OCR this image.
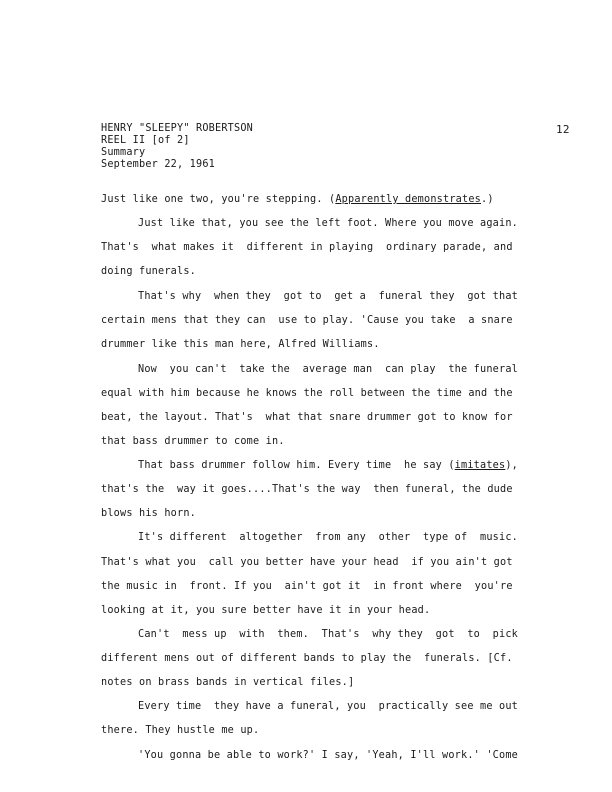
HENRY "SLEEPY" ROBERTSON
REEL II [of 2]
Summary
September 22, 1961
12
Just like one two, you're stepping. (Apparently demonstrates.)
Just like that, you see the left foot. Where you move again.
That's  what makes it  different in playing  ordinary parade, and
doing funerals.
That's why  when they  got to  get a  funeral they  got that
certain mens that they can  use to play. 'Cause you take  a snare
drummer like this man here, Alfred Williams.
Now  you can't  take the  average man  can play  the funeral
equal with him because he knows the roll between the time and the
beat, the layout. That's  what that snare drummer got to know for
that bass drummer to come in.
That bass drummer follow him. Every time  he say (imitates),
that's the  way it goes....That's the way  then funeral, the dude
blows his horn.
It's different  altogether  from any  other  type of  music.
That's what you  call you better have your head  if you ain't got
the music in  front. If you  ain't got it  in front where  you're
looking at it, you sure better have it in your head.
Can't  mess up  with  them.  That's  why they  got  to  pick
different mens out of different bands to play the  funerals. [Cf.
notes on brass bands in vertical files.]
Every time  they have a funeral, you  practically see me out
there. They hustle me up.
'You gonna be able to work?' I say, 'Yeah, I'll work.' 'Come
